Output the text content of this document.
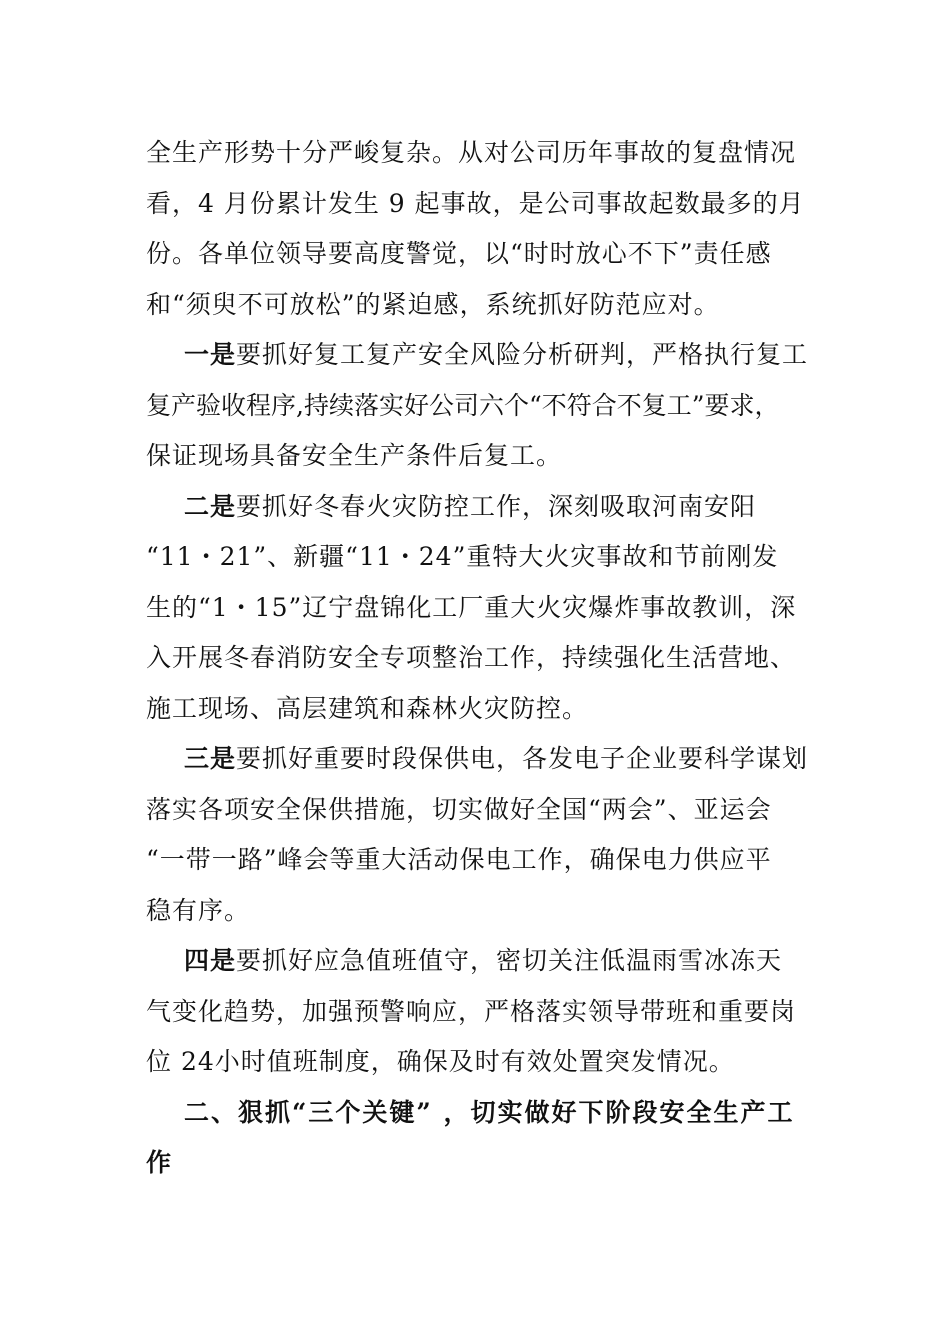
全生产形势十分严峻复杂。从对公司历年事故的复盘情况
看，4 月份累计发生 9 起事故，是公司事故起数最多的月
份。各单位领导要高度警觉，以“时时放心不下”责任感
和“须臾不可放松”的紧迫感，系统抓好防范应对。
一是要抓好复工复产安全风险分析研判，严格执行复工
复产验收程序,持续落实好公司六个“不符合不复工”要求，
保证现场具备安全生产条件后复工。
二是要抓好冬春火灾防控工作，深刻吸取河南安阳
“11・21”、新疆“11・24”重特大火灾事故和节前刚发
生的“1・15”辽宁盘锦化工厂重大火灾爆炸事故教训，深
入开展冬春消防安全专项整治工作，持续强化生活营地、
施工现场、高层建筑和森林火灾防控。
三是要抓好重要时段保供电，各发电子企业要科学谋划
落实各项安全保供措施，切实做好全国“两会”、亚运会
“一带一路”峰会等重大活动保电工作，确保电力供应平
稳有序。
四是要抓好应急值班值守，密切关注低温雨雪冰冻天
气变化趋势，加强预警响应，严格落实领导带班和重要岗
位 24小时值班制度，确保及时有效处置突发情况。
二、狠抓“三个关键” ，切实做好下阶段安全生产工
作
